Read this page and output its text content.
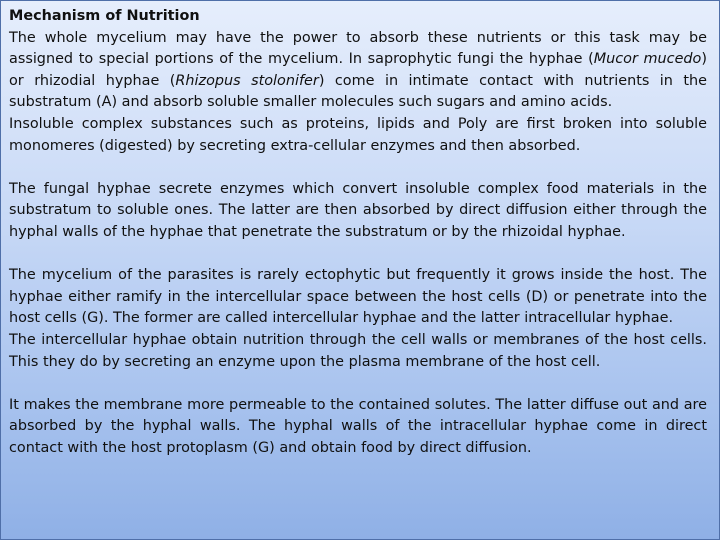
Mechanism of Nutrition

The whole mycelium may have the power to absorb these nutrients or this task may be assigned to special portions of the mycelium. In saprophytic fungi the hyphae (Mucor mucedo) or rhizodial hyphae (Rhizopus stolonifer) come in intimate contact with nutrients in the substratum (A) and absorb soluble smaller molecules such sugars and amino acids.

Insoluble complex substances such as proteins, lipids and Poly are first broken into soluble monomeres (digested) by secreting extra-cellular enzymes and then absorbed.

The fungal hyphae secrete enzymes which convert insoluble complex food materials in the substratum to soluble ones. The latter are then absorbed by direct diffusion either through the hyphal walls of the hyphae that penetrate the substratum or by the rhizoidal hyphae.

The mycelium of the parasites is rarely ectophytic but frequently it grows inside the host. The hyphae either ramify in the intercellular space between the host cells (D) or penetrate into the host cells (G). The former are called intercellular hyphae and the latter intracellular hyphae.

The intercellular hyphae obtain nutrition through the cell walls or membranes of the host cells. This they do by secreting an enzyme upon the plasma membrane of the host cell.

It makes the membrane more permeable to the contained solutes. The latter diffuse out and are absorbed by the hyphal walls. The hyphal walls of the intracellular hyphae come in direct contact with the host protoplasm (G) and obtain food by direct diffusion.
